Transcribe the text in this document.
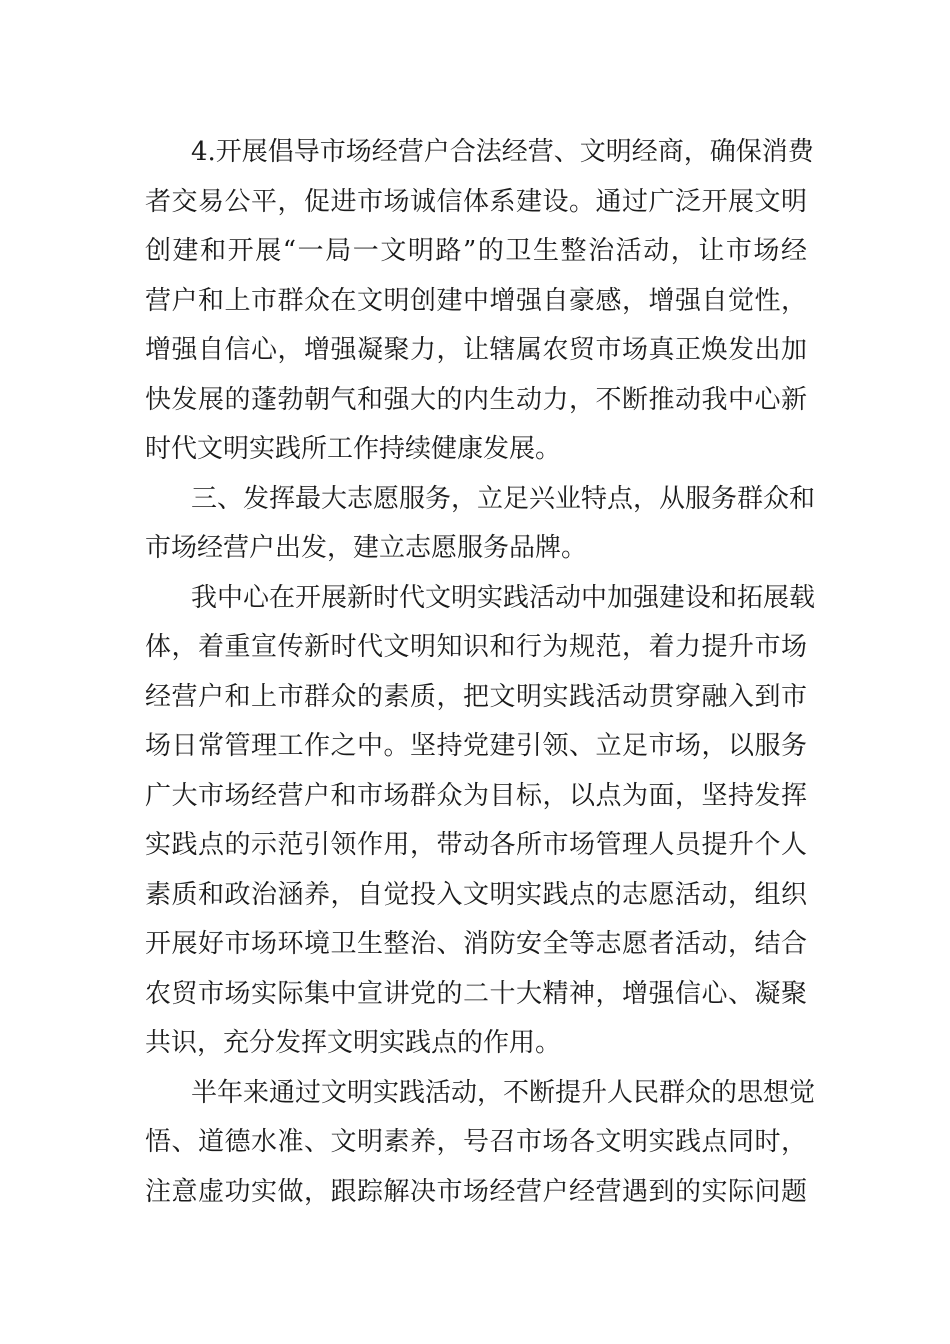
4.开展倡导市场经营户合法经营、文明经商，确保消费
者交易公平，促进市场诚信体系建设。通过广泛开展文明
创建和开展“一局一文明路”的卫生整治活动，让市场经
营户和上市群众在文明创建中增强自豪感，增强自觉性，
增强自信心，增强凝聚力，让辖属农贸市场真正焕发出加
快发展的蓬勃朝气和强大的内生动力，不断推动我中心新
时代文明实践所工作持续健康发展。
三、发挥最大志愿服务，立足兴业特点，从服务群众和
市场经营户出发，建立志愿服务品牌。
我中心在开展新时代文明实践活动中加强建设和拓展载
体，着重宣传新时代文明知识和行为规范，着力提升市场
经营户和上市群众的素质，把文明实践活动贯穿融入到市
场日常管理工作之中。坚持党建引领、立足市场，以服务
广大市场经营户和市场群众为目标，以点为面，坚持发挥
实践点的示范引领作用，带动各所市场管理人员提升个人
素质和政治涵养，自觉投入文明实践点的志愿活动，组织
开展好市场环境卫生整治、消防安全等志愿者活动，结合
农贸市场实际集中宣讲党的二十大精神，增强信心、凝聚
共识，充分发挥文明实践点的作用。
半年来通过文明实践活动，不断提升人民群众的思想觉
悟、道德水准、文明素养，号召市场各文明实践点同时，
注意虚功实做，跟踪解决市场经营户经营遇到的实际问题
